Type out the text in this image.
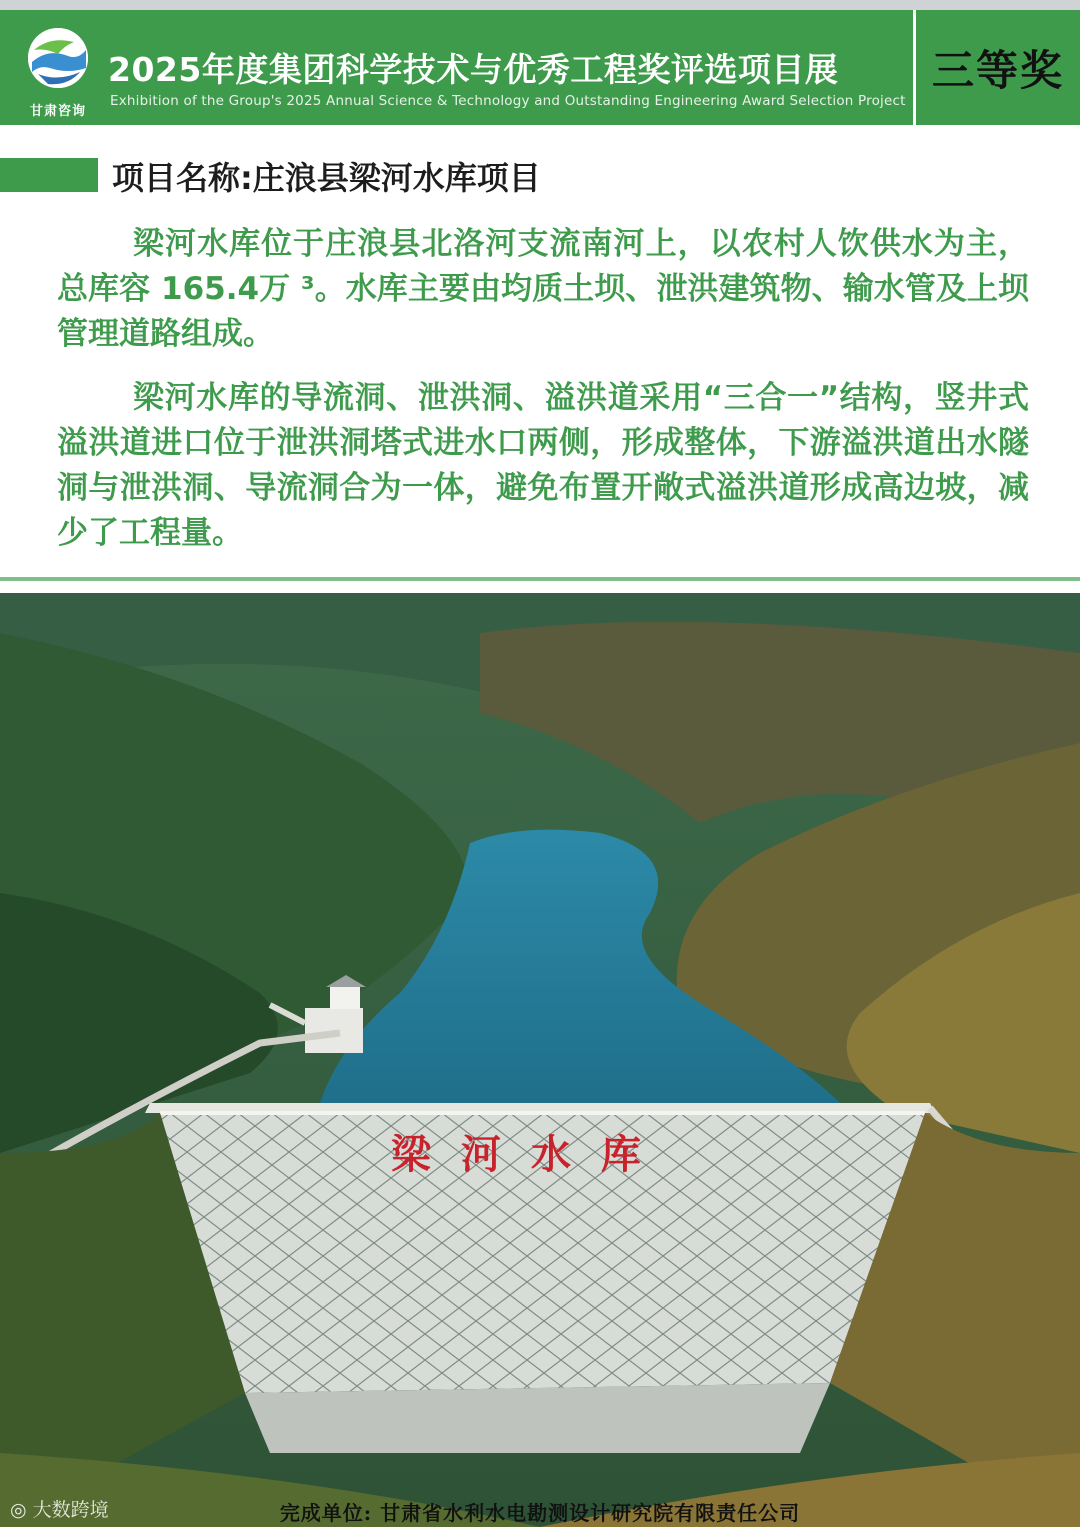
甘肃咨询
2025年度集团科学技术与优秀工程奖评选项目展
Exhibition of the Group's 2025 Annual Science & Technology and Outstanding Engineering Award Selection Project
三等奖
项目名称:庄浪县梁河水库项目

梁河水库位于庄浪县北洛河支流南河上，以农村人饮供水为主，总库容 165.4万 ³。水库主要由均质土坝、泄洪建筑物、输水管及上坝管理道路组成。

梁河水库的导流洞、泄洪洞、溢洪道采用“三合一”结构，竖井式溢洪道进口位于泄洪洞塔式进水口两侧，形成整体，下游溢洪道出水隧洞与泄洪洞、导流洞合为一体，避免布置开敞式溢洪道形成高边坡，减少了工程量。

梁 河 水 库
完成单位: 甘肃省水利水电勘测设计研究院有限责任公司
◎ 大数跨境
